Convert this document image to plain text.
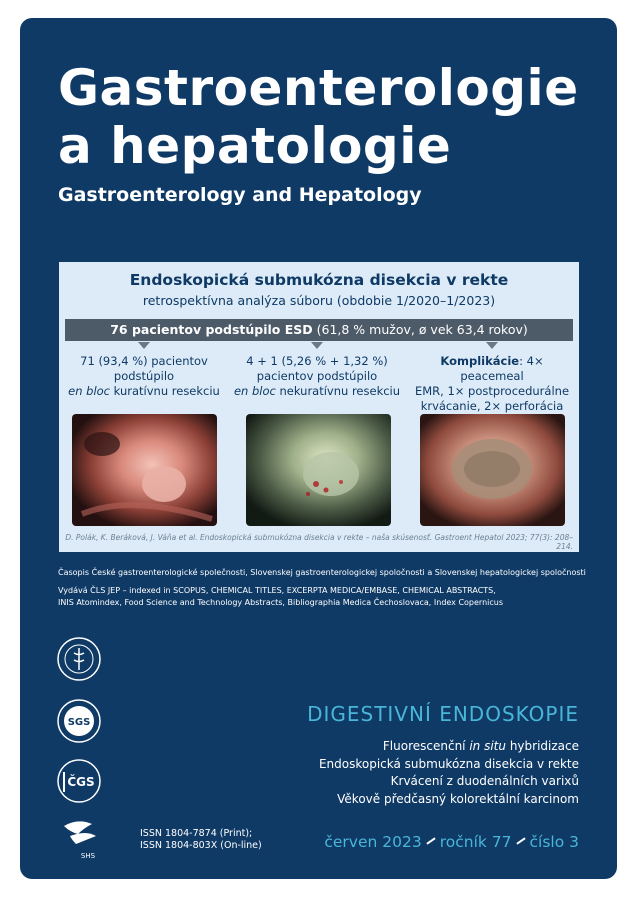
Gastroenterologie
a hepatologie
Gastroenterology and Hepatology
Endoskopická submukózna disekcia v rekte
retrospektívna analýza súboru (obdobie 1/2020–1/2023)
76 pacientov podstúpilo ESD (61,8 % mužov, ø vek 63,4 rokov)
71 (93,4 %) pacientov
podstúpilo
en bloc kuratívnu resekciu
4 + 1 (5,26 % + 1,32 %)
pacientov podstúpilo
en bloc nekuratívnu resekciu
Komplikácie: 4× peacemeal
EMR, 1× postprocedurálne
krvácanie, 2× perforácia
D. Polák, K. Beráková, J. Váňa et al. Endoskopická submukózna disekcia v rekte – naša skúsenosť. Gastroent Hepatol 2023; 77(3): 208–214.
Časopis České gastroenterologické společnosti, Slovenskej gastroenterologickej spoločnosti a Slovenskej hepatologickej spoločnosti
Vydává ČLS JEP – indexed in SCOPUS, CHEMICAL TITLES, EXCERPTA MEDICA/EMBASE, CHEMICAL ABSTRACTS,
INIS Atomindex, Food Science and Technology Abstracts, Bibliographia Medica Čechoslovaca, Index Copernicus
SGS
ČGS
SHS
DIGESTIVNÍ ENDOSKOPIE
Fluorescenční in situ hybridizace
Endoskopická submukózna disekcia v rekte
Krvácení z duodenálních varixů
Věkově předčasný kolorektální karcinom
ISSN 1804-7874 (Print);
ISSN 1804-803X (On-line)	červen 2023 ročník 77 číslo 3
